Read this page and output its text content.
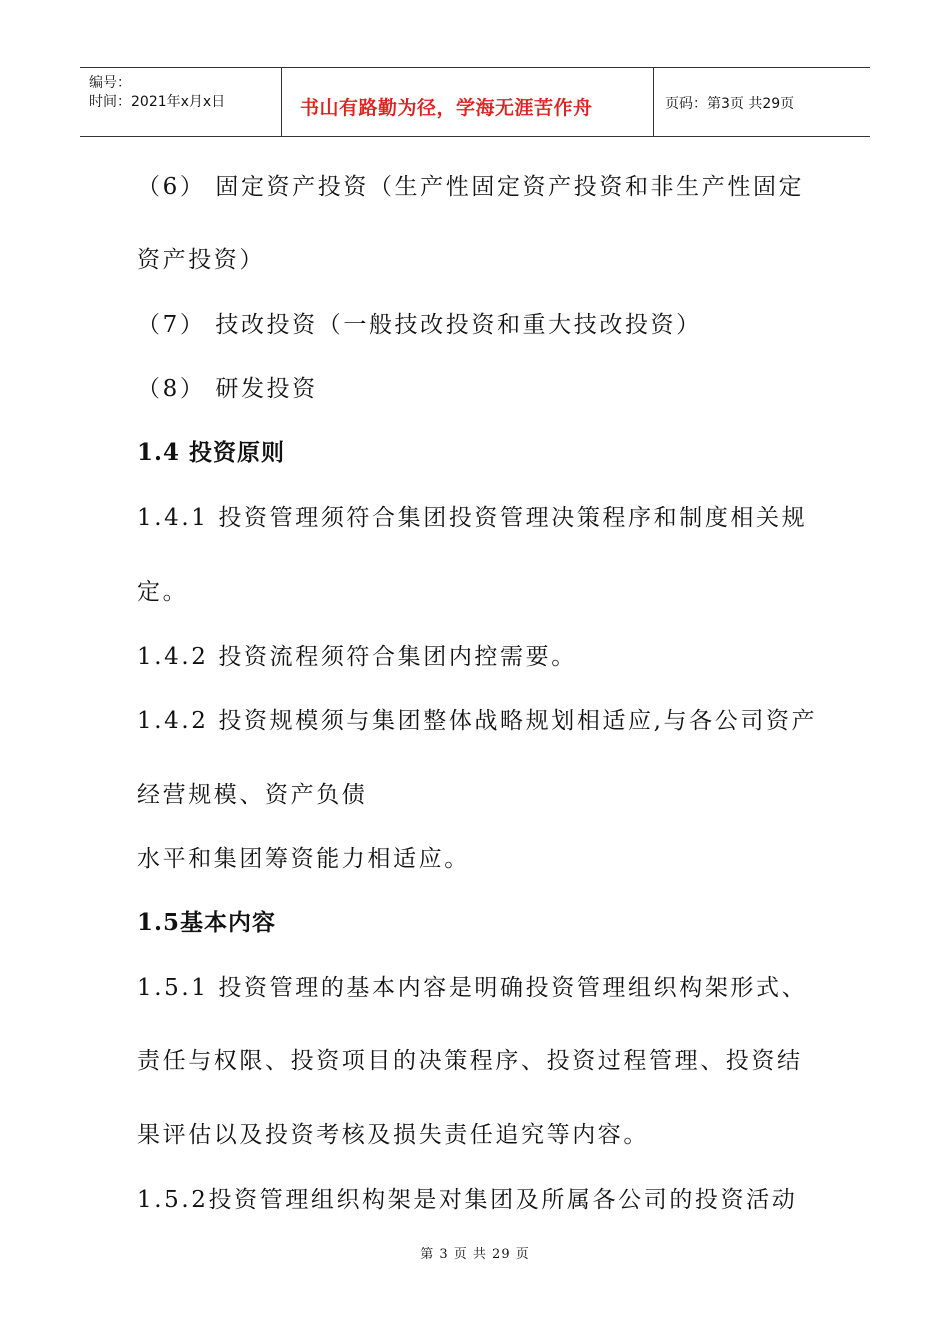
编号：
时间：2021年x月x日	书山有路勤为径，学海无涯苦作舟	页码：第3页 共29页
（6） 固定资产投资（生产性固定资产投资和非生产性固定
资产投资）
（7） 技改投资（一般技改投资和重大技改投资）
（8） 研发投资
1.4 投资原则
1.4.1 投资管理须符合集团投资管理决策程序和制度相关规
定。
1.4.2 投资流程须符合集团内控需要。
1.4.2 投资规模须与集团整体战略规划相适应,与各公司资产
经营规模、资产负债
水平和集团筹资能力相适应。
1.5基本内容
1.5.1 投资管理的基本内容是明确投资管理组织构架形式、
责任与权限、投资项目的决策程序、投资过程管理、投资结
果评估以及投资考核及损失责任追究等内容。
1.5.2投资管理组织构架是对集团及所属各公司的投资活动
第 3 页 共 29 页
